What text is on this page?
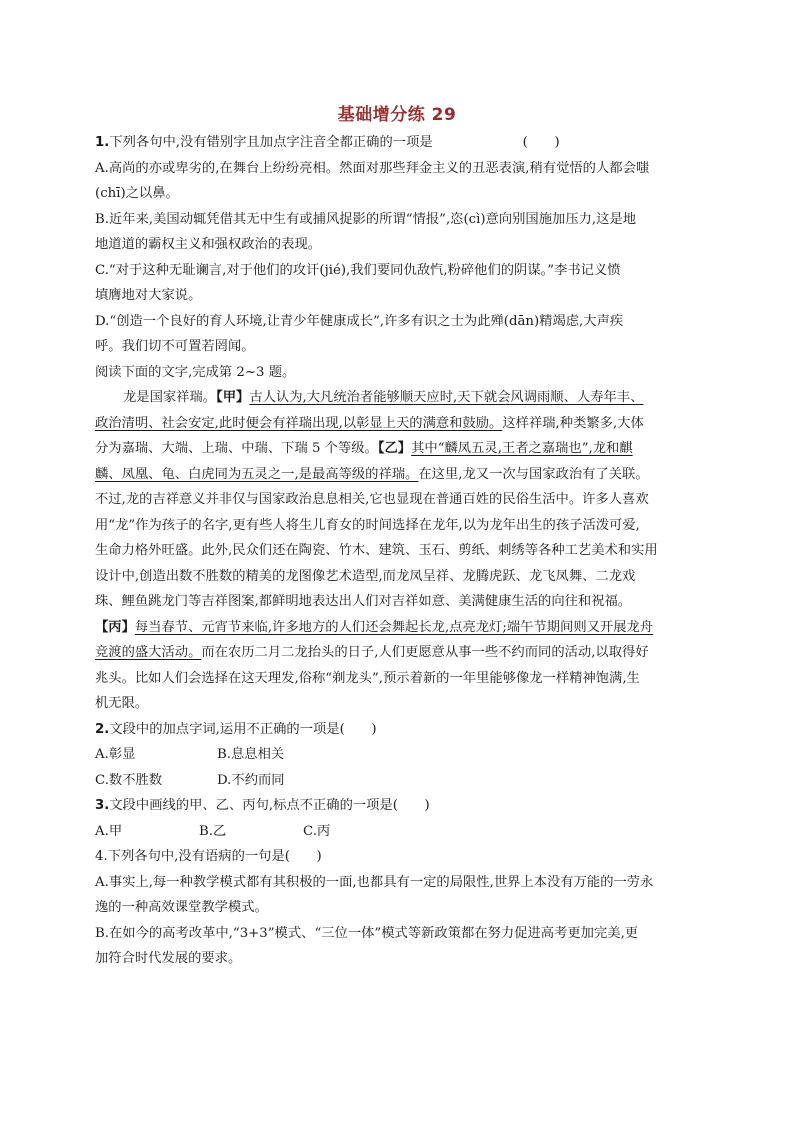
基础增分练 29
1.下列各句中,没有错别字且加点字注音全都正确的一项是	(　　)
A.高尚的亦或卑劣的,在舞台上纷纷亮相。然面对那些拜金主义的丑恶表演,稍有觉悟的人都会嗤
(chī)之以鼻。
B.近年来,美国动辄凭借其无中生有或捕风捉影的所谓“情报”,恣(cì)意向别国施加压力,这是地
地道道的霸权主义和强权政治的表现。
C.“对于这种无耻谰言,对于他们的攻讦(jié),我们要同仇敌忾,粉碎他们的阴谋。”李书记义愤
填膺地对大家说。
D.“创造一个良好的育人环境,让青少年健康成长”,许多有识之士为此殚(dān)精竭虑,大声疾
呼。我们切不可置若罔闻。
阅读下面的文字,完成第 2~3 题。
龙是国家祥瑞。【甲】古人认为,大凡统治者能够顺天应时,天下就会风调雨顺、人寿年丰、
政治清明、社会安定,此时便会有祥瑞出现,以彰显上天的满意和鼓励。这样祥瑞,种类繁多,大体
分为嘉瑞、大端、上瑞、中瑞、下瑞 5 个等级。【乙】其中“麟凤五灵,王者之嘉瑞也”,龙和麒
麟、凤凰、龟、白虎同为五灵之一,是最高等级的祥瑞。在这里,龙又一次与国家政治有了关联。
不过,龙的吉祥意义并非仅与国家政治息息相关,它也显现在普通百姓的民俗生活中。许多人喜欢
用“龙”作为孩子的名字,更有些人将生儿育女的时间选择在龙年,以为龙年出生的孩子活泼可爱,
生命力格外旺盛。此外,民众们还在陶瓷、竹木、建筑、玉石、剪纸、刺绣等各种工艺美术和实用
设计中,创造出数不胜数的精美的龙图像艺术造型,而龙凤呈祥、龙腾虎跃、龙飞凤舞、二龙戏
珠、鲤鱼跳龙门等吉祥图案,都鲜明地表达出人们对吉祥如意、美满健康生活的向往和祝福。
【丙】每当春节、元宵节来临,许多地方的人们还会舞起长龙,点亮龙灯;端午节期间则又开展龙舟
竞渡的盛大活动。而在农历二月二龙抬头的日子,人们更愿意从事一些不约而同的活动,以取得好
兆头。比如人们会选择在这天理发,俗称“剃龙头”,预示着新的一年里能够像龙一样精神饱满,生
机无限。
2.文段中的加点字词,运用不正确的一项是(　　)
A.彰显	B.息息相关
C.数不胜数	D.不约而同
3.文段中画线的甲、乙、丙句,标点不正确的一项是(　　)
A.甲	B.乙	C.丙
4.下列各句中,没有语病的一句是(　　)
A.事实上,每一种教学模式都有其积极的一面,也都具有一定的局限性,世界上本没有万能的一劳永
逸的一种高效课堂教学模式。
B.在如今的高考改革中,“3+3”模式、“三位一体”模式等新政策都在努力促进高考更加完美,更
加符合时代发展的要求。
